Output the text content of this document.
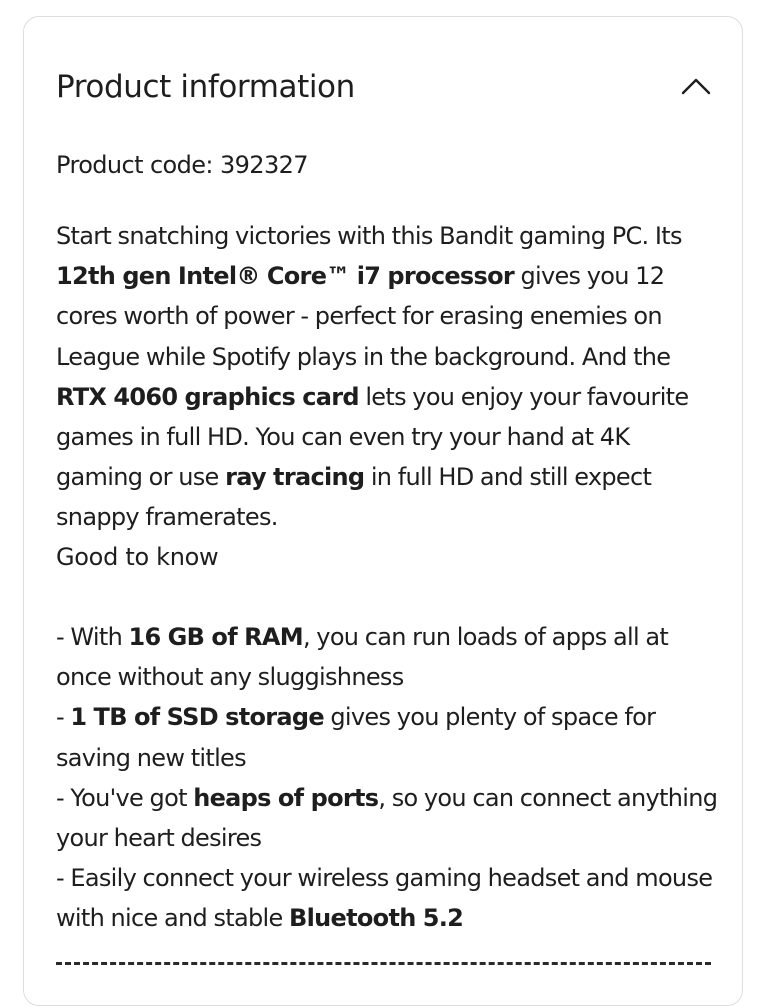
Product information
Product code: 392327
Start snatching victories with this Bandit gaming PC. Its 12th gen Intel® Core™ i7 processor gives you 12 cores worth of power - perfect for erasing enemies on League while Spotify plays in the background. And the RTX 4060 graphics card lets you enjoy your favourite games in full HD. You can even try your hand at 4K gaming or use ray tracing in full HD and still expect snappy framerates.
Good to know
- With 16 GB of RAM, you can run loads of apps all at once without any sluggishness
- 1 TB of SSD storage gives you plenty of space for saving new titles
- You've got heaps of ports, so you can connect anything your heart desires
- Easily connect your wireless gaming headset and mouse with nice and stable Bluetooth 5.2
